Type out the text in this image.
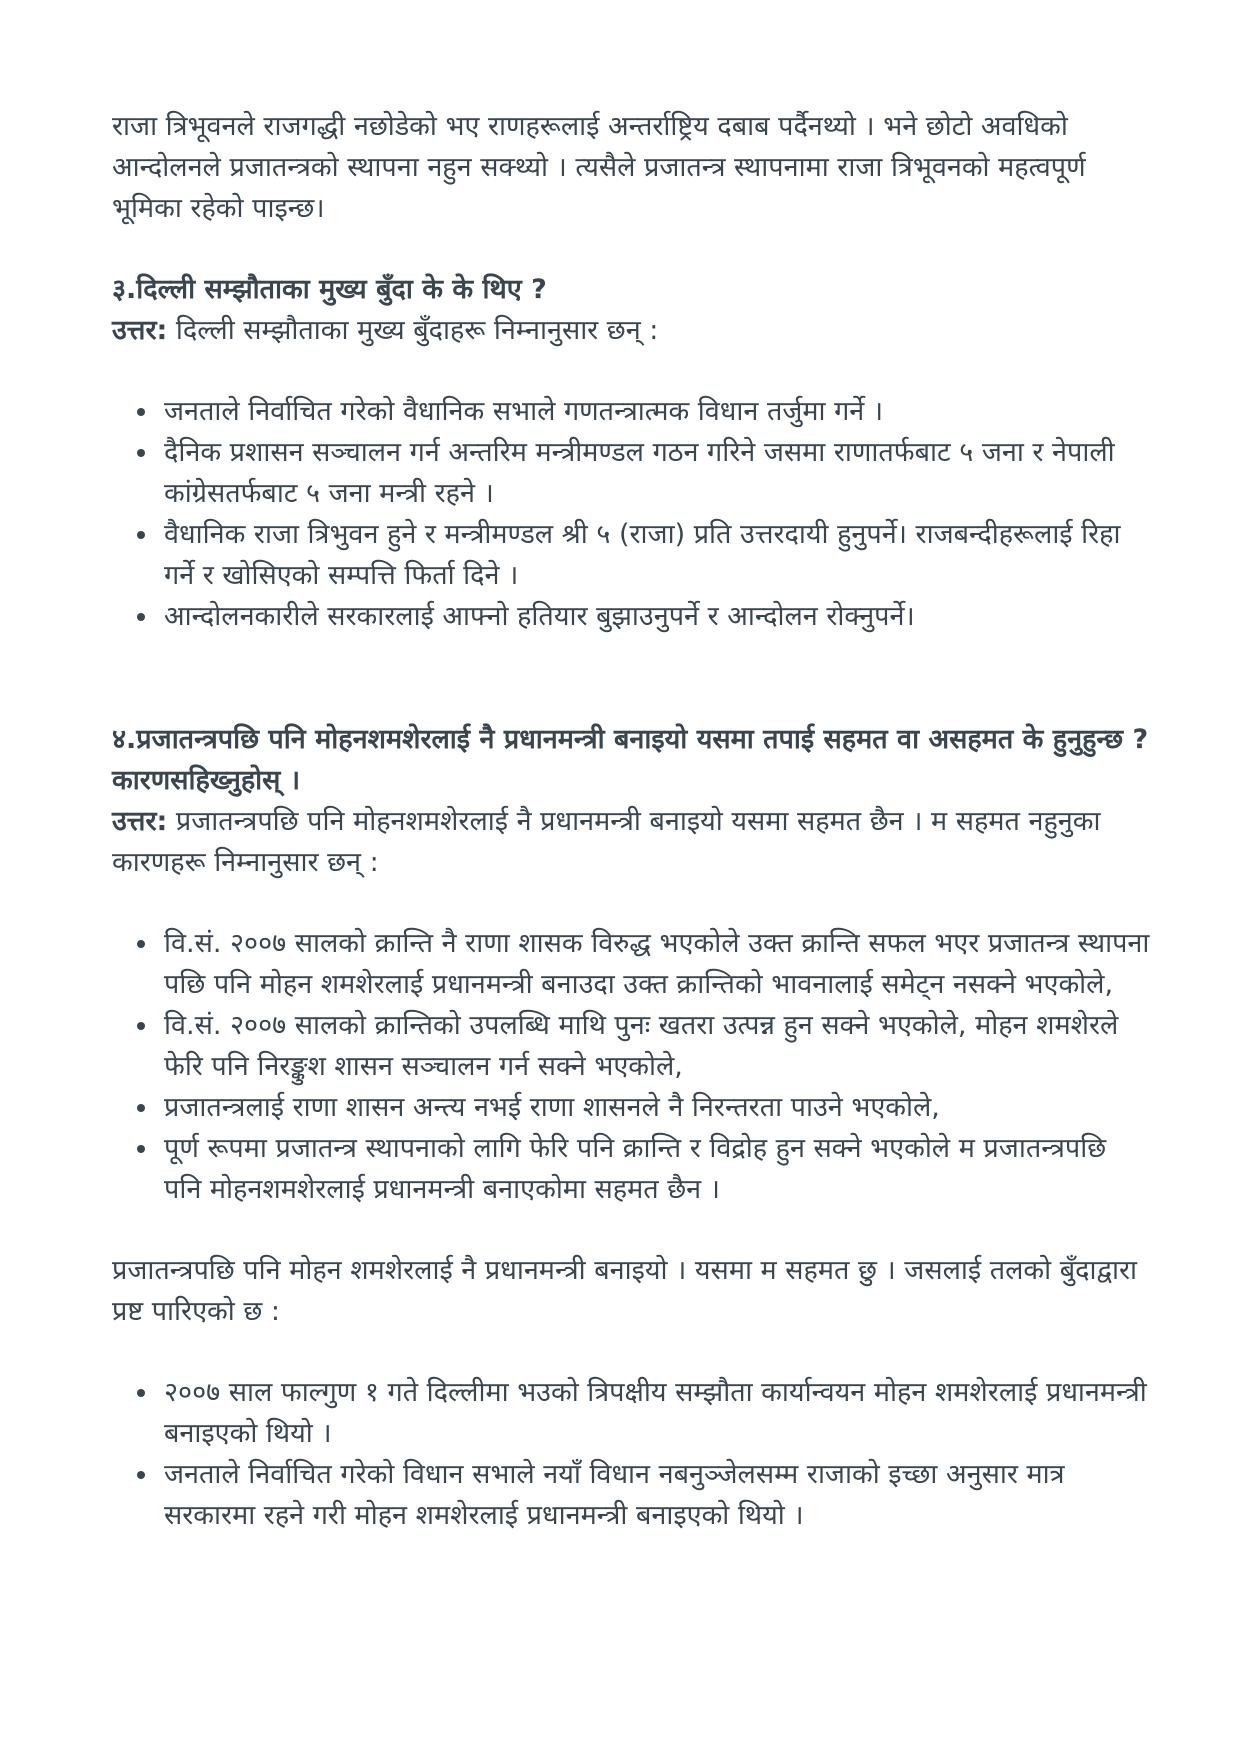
राजा त्रिभूवनले राजगद्धी नछोडेको भए राणहरूलाई अन्तर्राष्ट्रिय दबाब पर्दैनथ्यो । भने छोटो अवधिको आन्दोलनले प्रजातन्त्रको स्थापना नहुन सक्थ्यो । त्यसैले प्रजातन्त्र स्थापनामा राजा त्रिभूवनको महत्वपूर्ण भूमिका रहेको पाइन्छ।

३.दिल्ली सम्झौताका मुख्य बुँदा के के थिए ?

उत्तर: दिल्ली सम्झौताका मुख्य बुँदाहरू निम्नानुसार छन् :

जनताले निर्वाचित गरेको वैधानिक सभाले गणतन्त्रात्मक विधान तर्जुमा गर्ने ।
दैनिक प्रशासन सञ्चालन गर्न अन्तरिम मन्त्रीमण्डल गठन गरिने जसमा राणातर्फबाट ५ जना र नेपाली कांग्रेसतर्फबाट ५ जना मन्त्री रहने ।
वैधानिक राजा त्रिभुवन हुने र मन्त्रीमण्डल श्री ५ (राजा) प्रति उत्तरदायी हुनुपर्ने। राजबन्दीहरूलाई रिहा गर्ने र खोसिएको सम्पत्ति फिर्ता दिने ।
आन्दोलनकारीले सरकारलाई आफ्नो हतियार बुझाउनुपर्ने र आन्दोलन रोक्नुपर्ने।

४.प्रजातन्त्रपछि पनि मोहनशमशेरलाई नै प्रधानमन्त्री बनाइयो यसमा तपाई सहमत वा असहमत के हुनुहुन्छ ? कारणसहिख्नुहोस् ।

उत्तर: प्रजातन्त्रपछि पनि मोहनशमशेरलाई नै प्रधानमन्त्री बनाइयो यसमा सहमत छैन । म सहमत नहुनुका कारणहरू निम्नानुसार छन् :

वि.सं. २००७ सालको क्रान्ति नै राणा शासक विरुद्ध भएकोले उक्त क्रान्ति सफल भएर प्रजातन्त्र स्थापना पछि पनि मोहन शमशेरलाई प्रधानमन्त्री बनाउदा उक्त क्रान्तिको भावनालाई समेट्न नसक्ने भएकोले,
वि.सं. २००७ सालको क्रान्तिको उपलब्धि माथि पुनः खतरा उत्पन्न हुन सक्ने भएकोले, मोहन शमशेरले फेरि पनि निरङ्कुश शासन सञ्चालन गर्न सक्ने भएकोले,
प्रजातन्त्रलाई राणा शासन अन्त्य नभई राणा शासनले नै निरन्तरता पाउने भएकोले,
पूर्ण रूपमा प्रजातन्त्र स्थापनाको लागि फेरि पनि क्रान्ति र विद्रोह हुन सक्ने भएकोले म प्रजातन्त्रपछि पनि मोहनशमशेरलाई प्रधानमन्त्री बनाएकोमा सहमत छैन ।

प्रजातन्त्रपछि पनि मोहन शमशेरलाई नै प्रधानमन्त्री बनाइयो । यसमा म सहमत छु । जसलाई तलको बुँदाद्वारा प्रष्ट पारिएको छ :

२००७ साल फाल्गुण १ गते दिल्लीमा भउको त्रिपक्षीय सम्झौता कार्यान्वयन मोहन शमशेरलाई प्रधानमन्त्री बनाइएको थियो ।
जनताले निर्वाचित गरेको विधान सभाले नयाँ विधान नबनुञ्जेलसम्म राजाको इच्छा अनुसार मात्र सरकारमा रहने गरी मोहन शमशेरलाई प्रधानमन्त्री बनाइएको थियो ।
